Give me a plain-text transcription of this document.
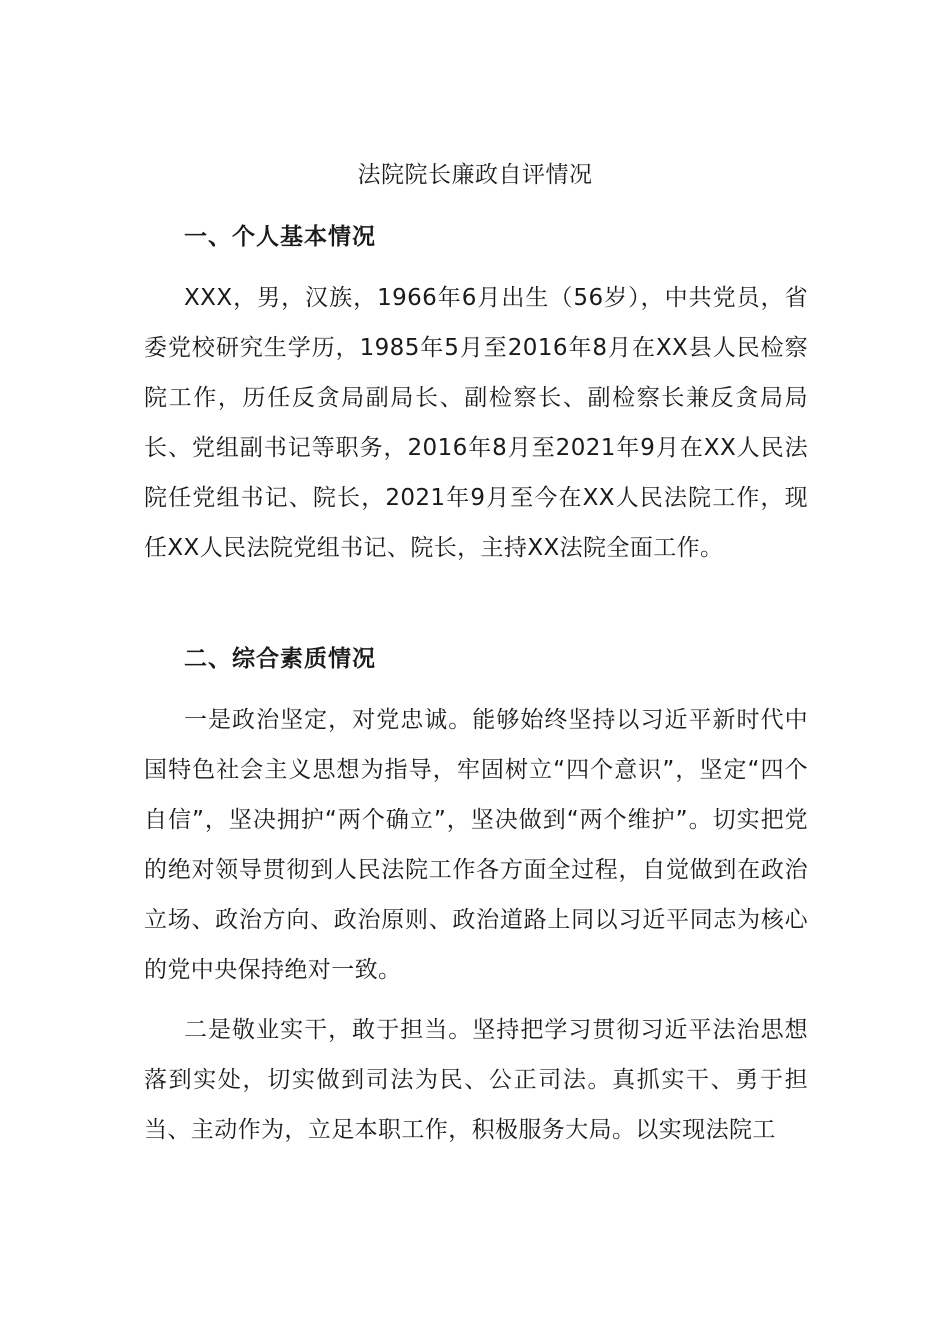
法院院长廉政自评情况
一、个人基本情况

XXX，男，汉族，1966年6月出生（56岁），中共党员，省委党校研究生学历，1985年5月至2016年8月在XX县人民检察院工作，历任反贪局副局长、副检察长、副检察长兼反贪局局长、党组副书记等职务，2016年8月至2021年9月在XX人民法院任党组书记、院长，2021年9月至今在XX人民法院工作，现任XX人民法院党组书记、院长，主持XX法院全面工作。

二、综合素质情况

一是政治坚定，对党忠诚。能够始终坚持以习近平新时代中国特色社会主义思想为指导，牢固树立“四个意识”，坚定“四个自信”，坚决拥护“两个确立”，坚决做到“两个维护”。切实把党的绝对领导贯彻到人民法院工作各方面全过程，自觉做到在政治立场、政治方向、政治原则、政治道路上同以习近平同志为核心的党中央保持绝对一致。

二是敬业实干，敢于担当。坚持把学习贯彻习近平法治思想落到实处，切实做到司法为民、公正司法。真抓实干、勇于担当、主动作为，立足本职工作，积极服务大局。以实现法院工
